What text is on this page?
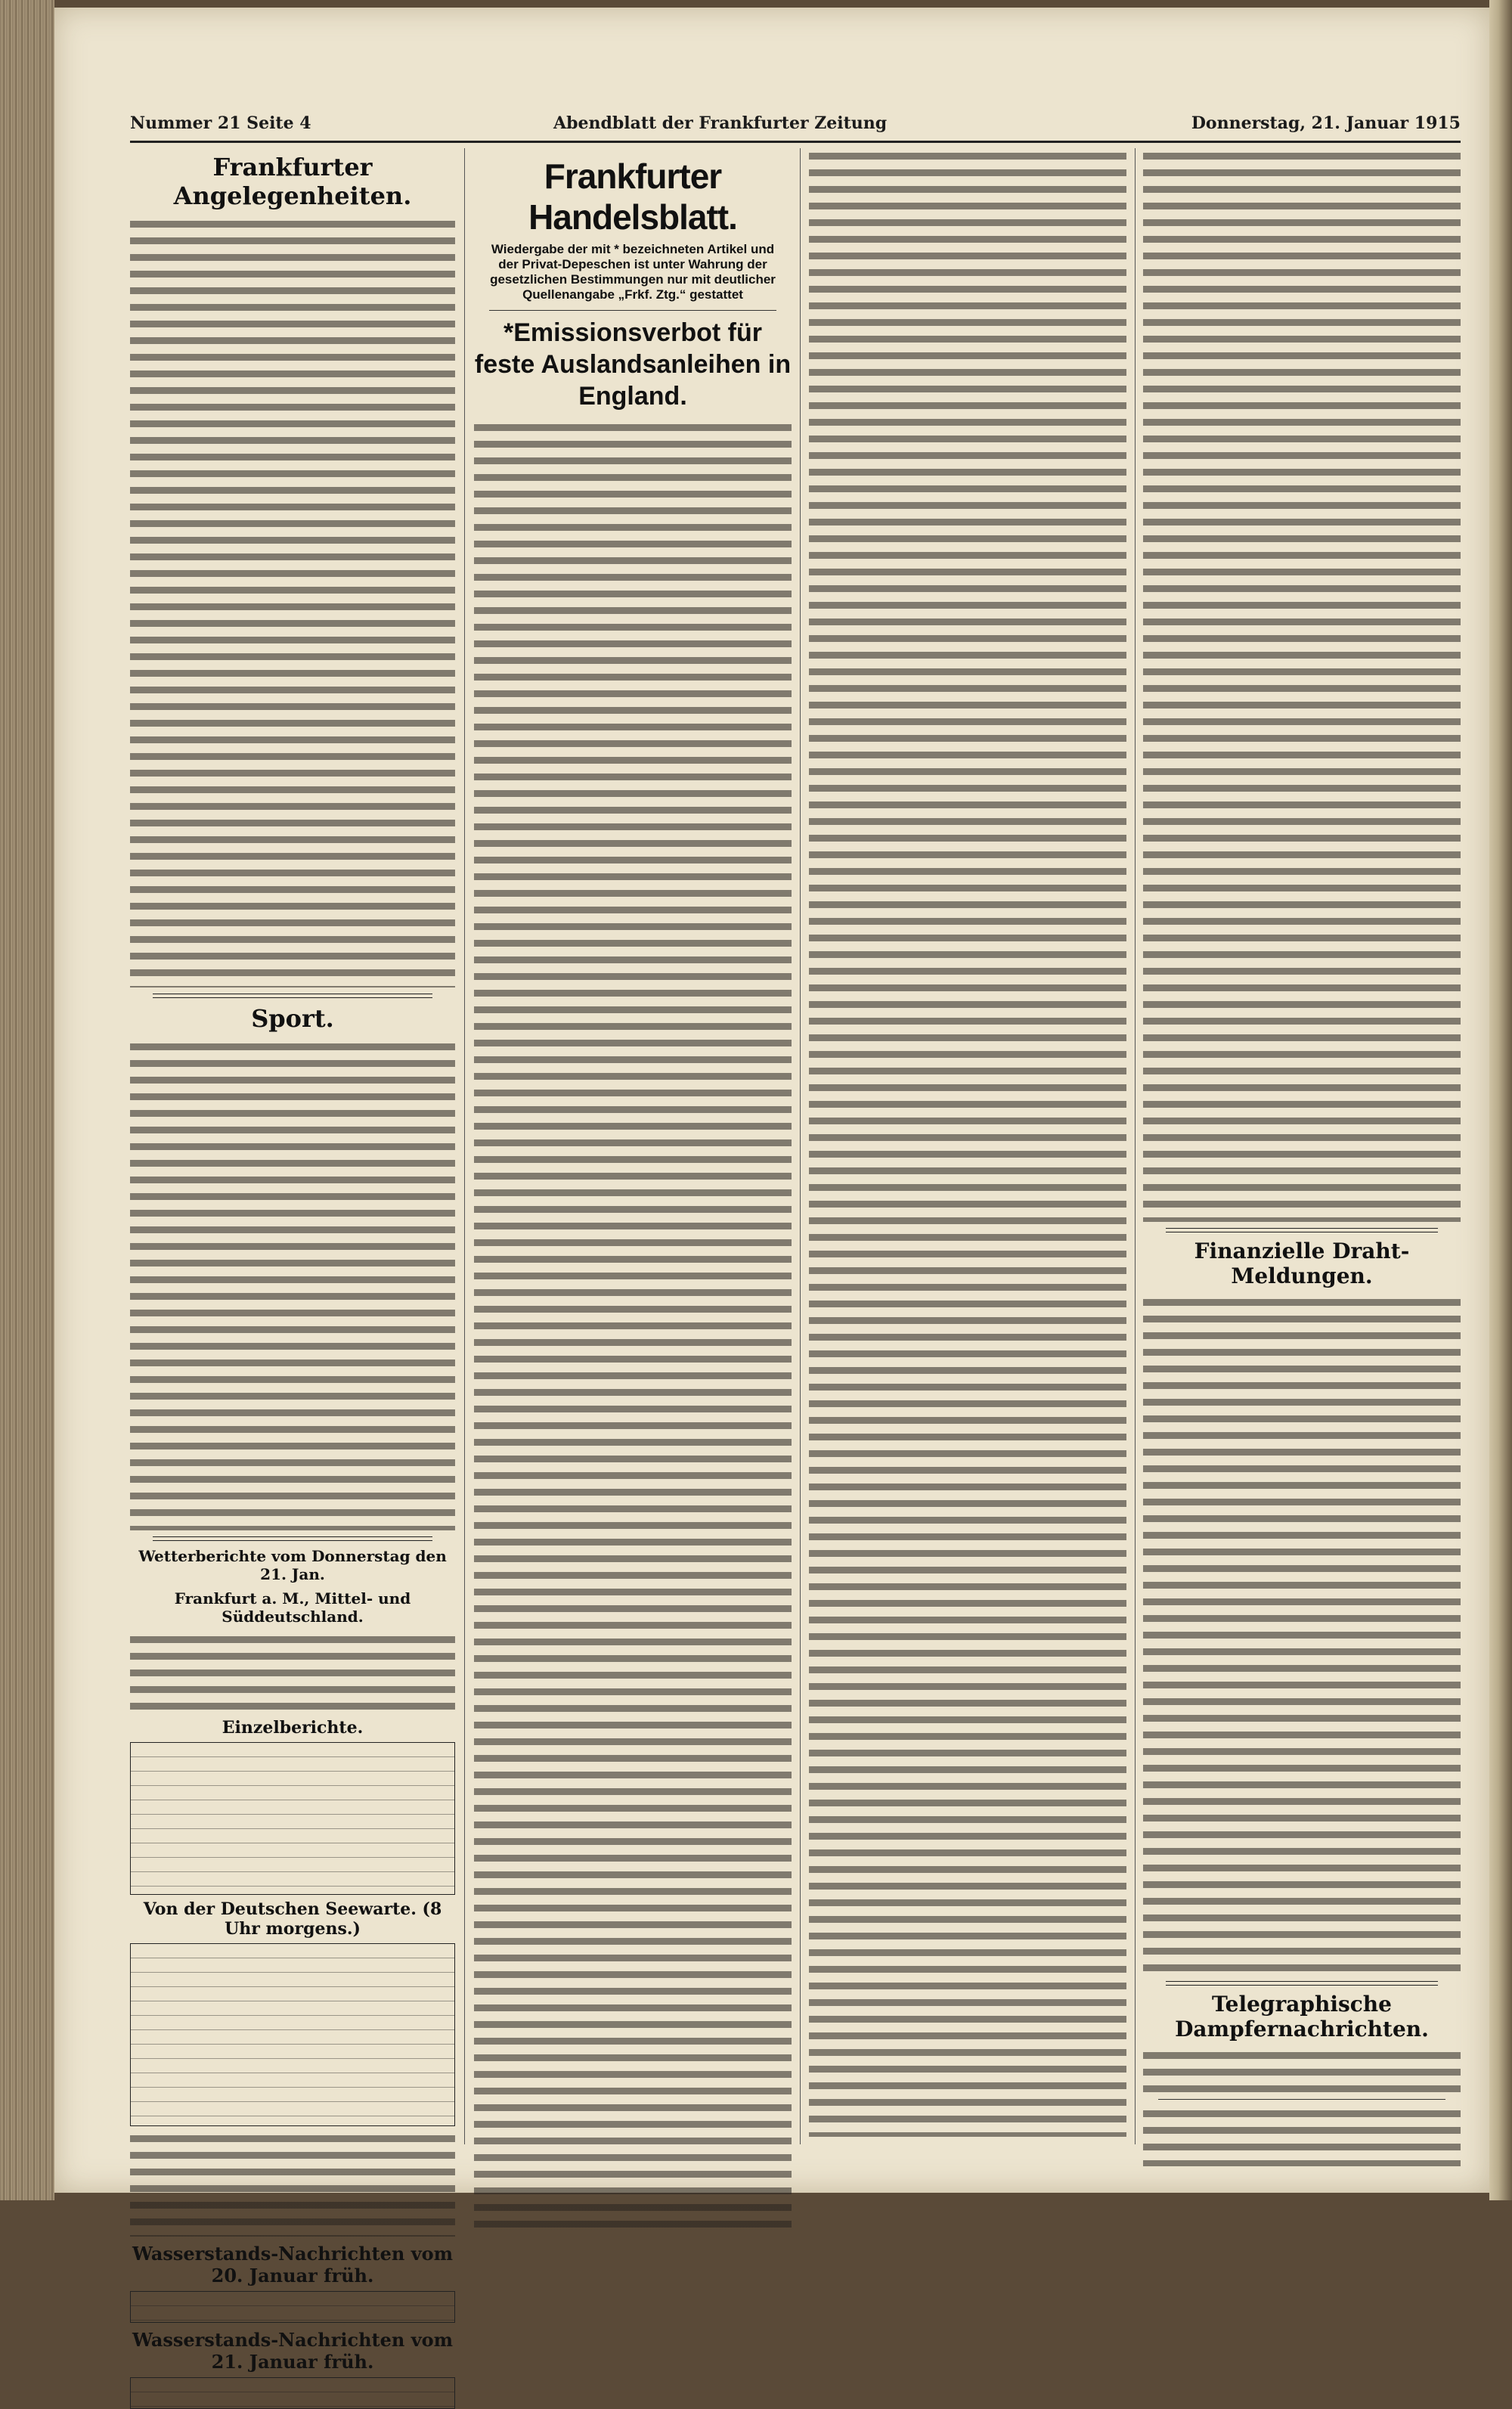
Nummer 21 Seite 4	Abendblatt der Frankfurter Zeitung	Donnerstag, 21. Januar 1915
Frankfurter Angelegenheiten.
Sport.
Wetterberichte vom Donnerstag den 21. Jan.
Frankfurt a. M., Mittel- und Süddeutschland.
Einzelberichte.
Von der Deutschen Seewarte. (8 Uhr morgens.)
Wasserstands-Nachrichten vom 20. Januar früh.
Wasserstands-Nachrichten vom 21. Januar früh.
Frankfurter Handelsblatt.
Wiedergabe der mit * bezeichneten Artikel und der Privat-Depeschen ist unter Wahrung der gesetzlichen Bestimmungen nur mit deutlicher Quellenangabe „Frkf. Ztg.“ gestattet
*Emissionsverbot für feste Auslandsanleihen in England.
Finanzielle Draht-Meldungen.
Telegraphische Dampfernachrichten.
